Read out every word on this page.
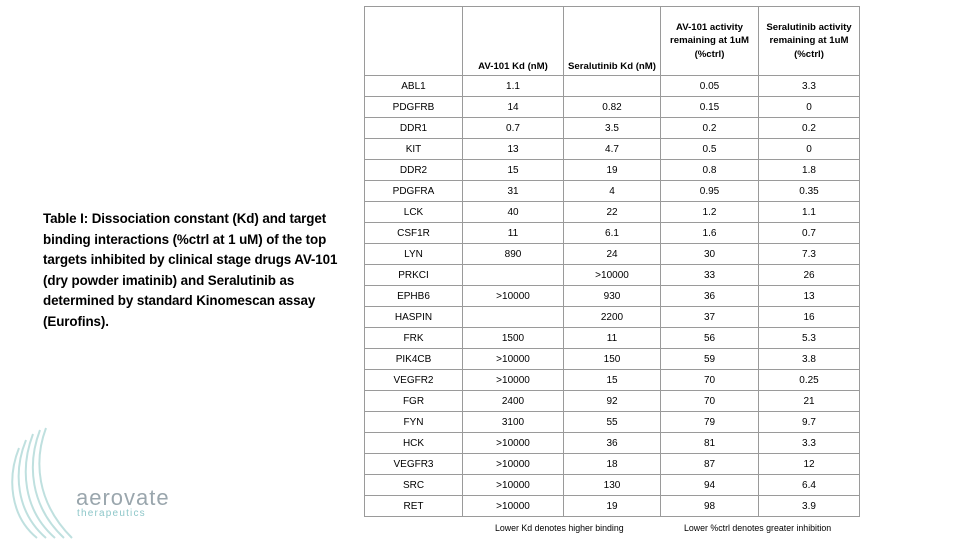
Table I: Dissociation constant (Kd) and target binding interactions (%ctrl at 1 uM) of the top targets inhibited by clinical stage drugs AV-101 (dry powder imatinib) and Seralutinib as determined by standard Kinomescan assay (Eurofins).
	AV-101 Kd (nM)	Seralutinib Kd (nM)	AV-101 activity remaining at 1uM (%ctrl)	Seralutinib activity remaining at 1uM (%ctrl)
ABL1	1.1		0.05	3.3
PDGFRB	14	0.82	0.15	0
DDR1	0.7	3.5	0.2	0.2
KIT	13	4.7	0.5	0
DDR2	15	19	0.8	1.8
PDGFRA	31	4	0.95	0.35
LCK	40	22	1.2	1.1
CSF1R	11	6.1	1.6	0.7
LYN	890	24	30	7.3
PRKCI		>10000	33	26
EPHB6	>10000	930	36	13
HASPIN		2200	37	16
FRK	1500	11	56	5.3
PIK4CB	>10000	150	59	3.8
VEGFR2	>10000	15	70	0.25
FGR	2400	92	70	21
FYN	3100	55	79	9.7
HCK	>10000	36	81	3.3
VEGFR3	>10000	18	87	12
SRC	>10000	130	94	6.4
RET	>10000	19	98	3.9
Lower Kd denotes higher binding	Lower %ctrl denotes greater inhibition
aerovate
therapeutics
